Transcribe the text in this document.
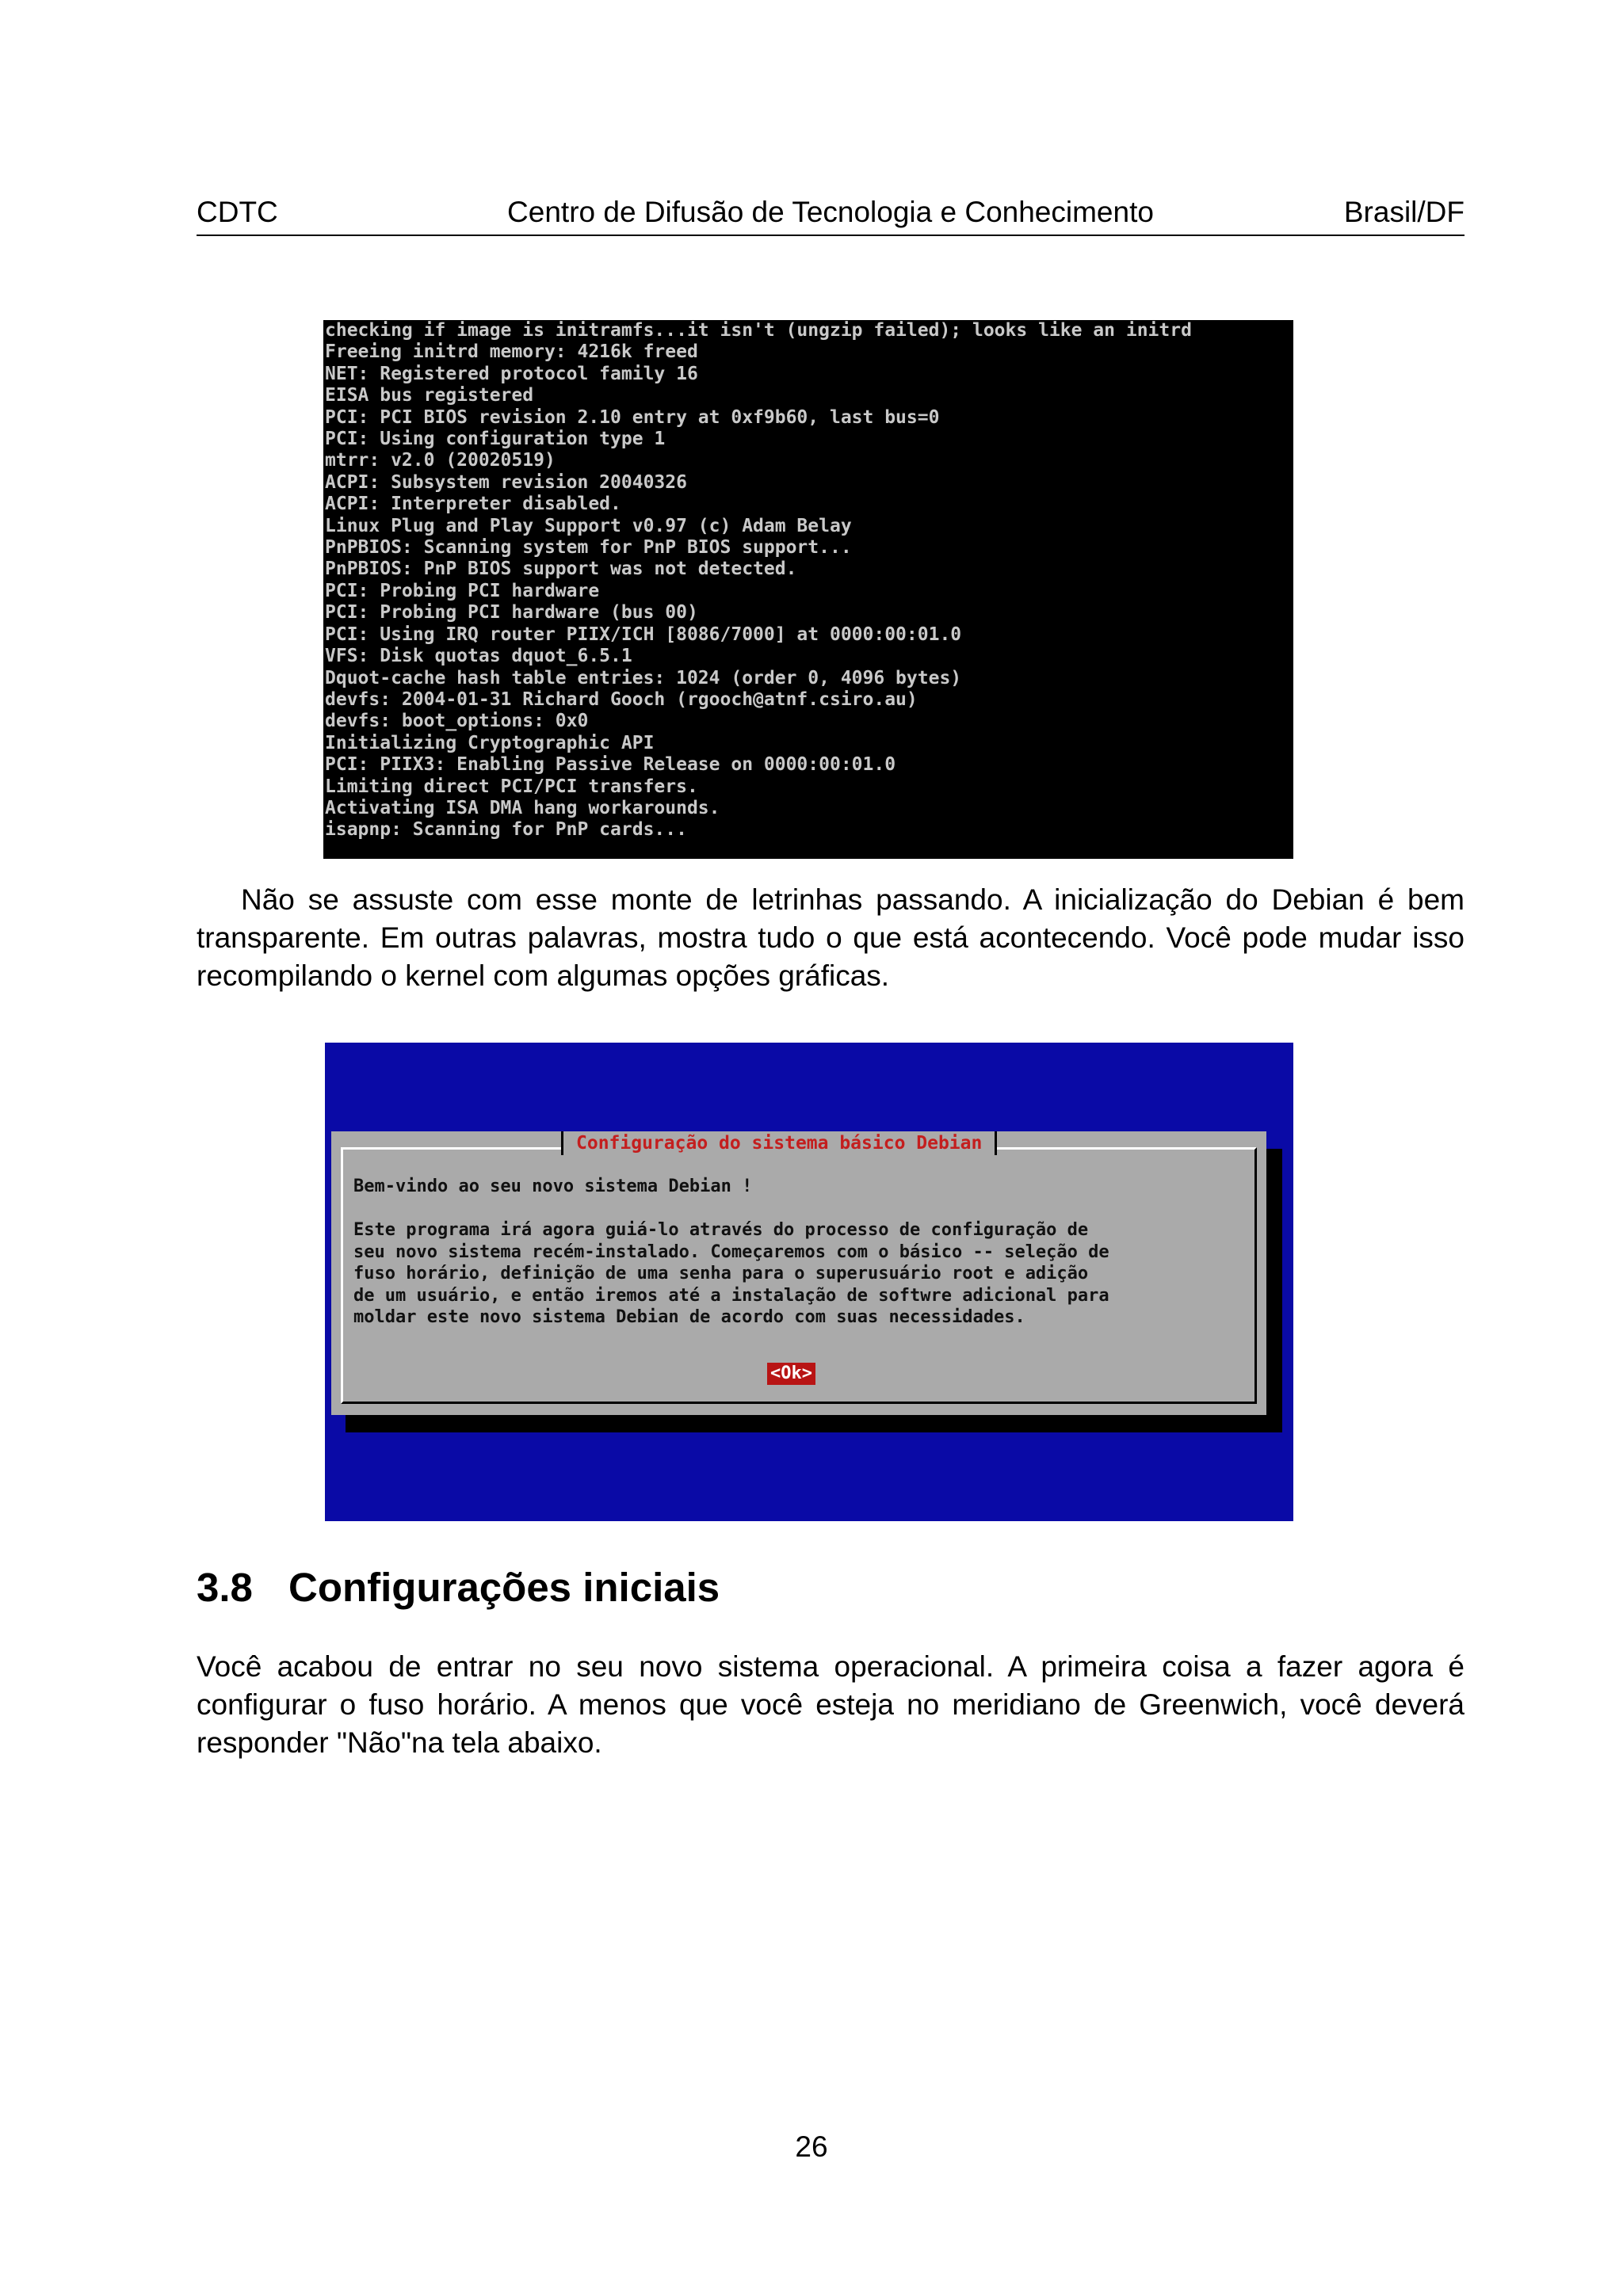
CDTC	Centro de Difusão de Tecnologia e Conhecimento	Brasil/DF
checking if image is initramfs...it isn't (ungzip failed); looks like an initrd
Freeing initrd memory: 4216k freed
NET: Registered protocol family 16
EISA bus registered
PCI: PCI BIOS revision 2.10 entry at 0xf9b60, last bus=0
PCI: Using configuration type 1
mtrr: v2.0 (20020519)
ACPI: Subsystem revision 20040326
ACPI: Interpreter disabled.
Linux Plug and Play Support v0.97 (c) Adam Belay
PnPBIOS: Scanning system for PnP BIOS support...
PnPBIOS: PnP BIOS support was not detected.
PCI: Probing PCI hardware
PCI: Probing PCI hardware (bus 00)
PCI: Using IRQ router PIIX/ICH [8086/7000] at 0000:00:01.0
VFS: Disk quotas dquot_6.5.1
Dquot-cache hash table entries: 1024 (order 0, 4096 bytes)
devfs: 2004-01-31 Richard Gooch (rgooch@atnf.csiro.au)
devfs: boot_options: 0x0
Initializing Cryptographic API
PCI: PIIX3: Enabling Passive Release on 0000:00:01.0
Limiting direct PCI/PCI transfers.
Activating ISA DMA hang workarounds.
isapnp: Scanning for PnP cards...

Não se assuste com esse monte de letrinhas passando. A inicialização do Debian é bem transparente. Em outras palavras, mostra tudo o que está acontecendo. Você pode mudar isso recompilando o kernel com algumas opções gráficas.

Configuração do sistema básico Debian
Bem-vindo ao seu novo sistema Debian !

Este programa irá agora guiá-lo através do processo de configuração de
seu novo sistema recém-instalado. Começaremos com o básico -- seleção de
fuso horário, definição de uma senha para o superusuário root e adição
de um usuário, e então iremos até a instalação de softwre adicional para
moldar este novo sistema Debian de acordo com suas necessidades.
<Ok>
3.8 Configurações iniciais

Você acabou de entrar no seu novo sistema operacional. A primeira coisa a fazer agora é configurar o fuso horário. A menos que você esteja no meridiano de Greenwich, você deverá responder "Não"na tela abaixo.

26
